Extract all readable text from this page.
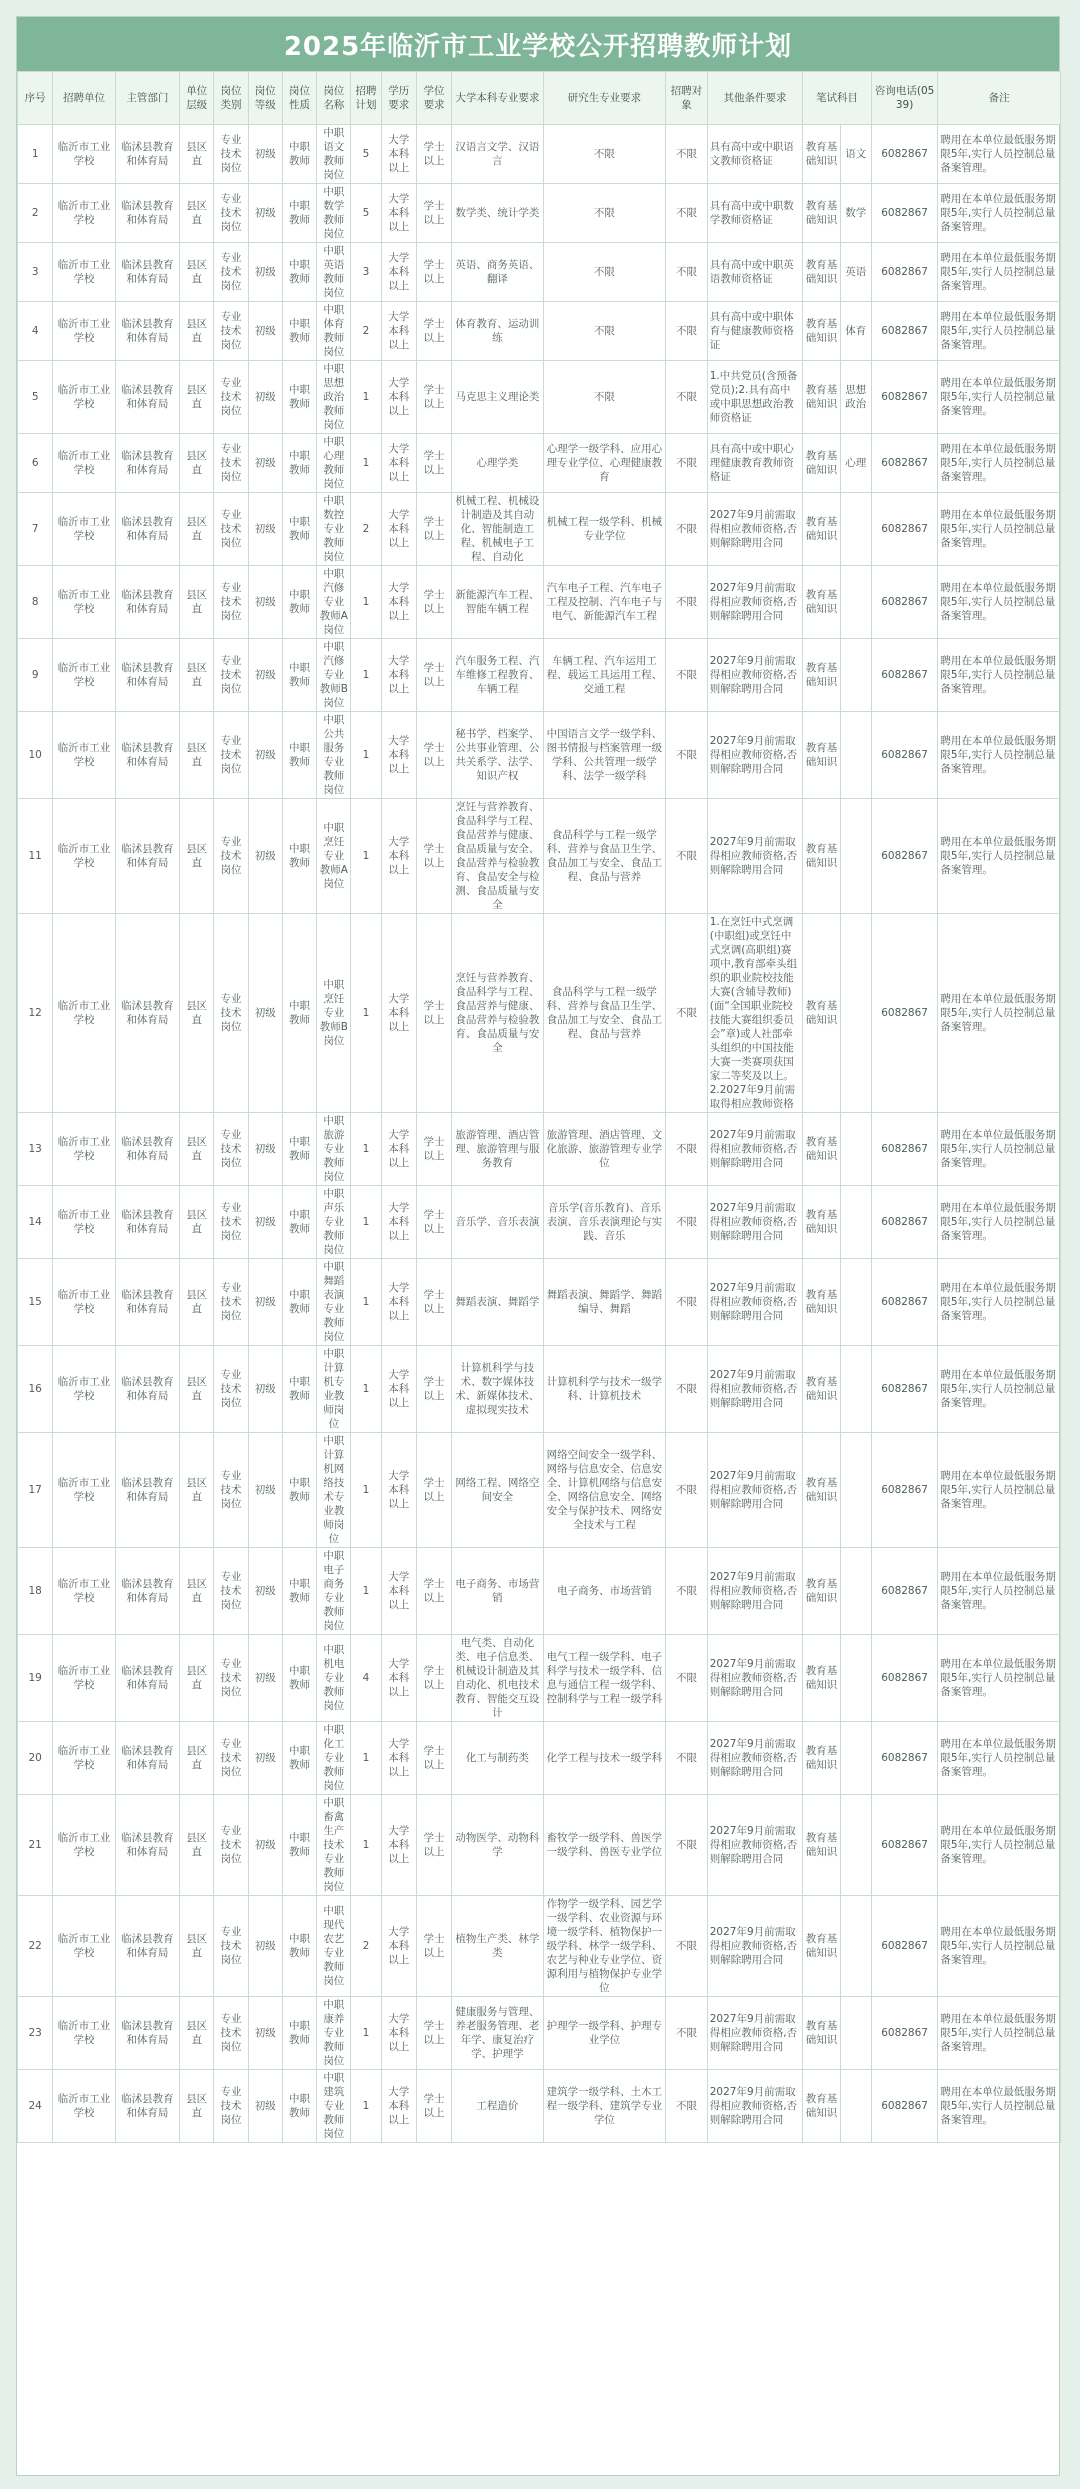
2025年临沂市工业学校公开招聘教师计划
序号	招聘单位	主管部门	单位层级	岗位类别	岗位等级	岗位性质	岗位名称	招聘计划	学历要求	学位要求	大学本科专业要求	研究生专业要求	招聘对象	其他条件要求	笔试科目		咨询电话(0539)	备注
1	临沂市工业学校	临沭县教育和体育局	县区直	专业技术岗位	初级	中职教师	中职语文教师岗位	5	大学本科以上	学士以上	汉语言文学、汉语言	不限	不限	具有高中或中职语文教师资格证	教育基础知识	语文	6082867	聘用在本单位最低服务期限5年,实行人员控制总量备案管理。
2	临沂市工业学校	临沭县教育和体育局	县区直	专业技术岗位	初级	中职教师	中职数学教师岗位	5	大学本科以上	学士以上	数学类、统计学类	不限	不限	具有高中或中职数学教师资格证	教育基础知识	数学	6082867	聘用在本单位最低服务期限5年,实行人员控制总量备案管理。
3	临沂市工业学校	临沭县教育和体育局	县区直	专业技术岗位	初级	中职教师	中职英语教师岗位	3	大学本科以上	学士以上	英语、商务英语、翻译	不限	不限	具有高中或中职英语教师资格证	教育基础知识	英语	6082867	聘用在本单位最低服务期限5年,实行人员控制总量备案管理。
4	临沂市工业学校	临沭县教育和体育局	县区直	专业技术岗位	初级	中职教师	中职体育教师岗位	2	大学本科以上	学士以上	体育教育、运动训练	不限	不限	具有高中或中职体育与健康教师资格证	教育基础知识	体育	6082867	聘用在本单位最低服务期限5年,实行人员控制总量备案管理。
5	临沂市工业学校	临沭县教育和体育局	县区直	专业技术岗位	初级	中职教师	中职思想政治教师岗位	1	大学本科以上	学士以上	马克思主义理论类	不限	不限	1.中共党员(含预备党员);2.具有高中或中职思想政治教师资格证	教育基础知识	思想政治	6082867	聘用在本单位最低服务期限5年,实行人员控制总量备案管理。
6	临沂市工业学校	临沭县教育和体育局	县区直	专业技术岗位	初级	中职教师	中职心理教师岗位	1	大学本科以上	学士以上	心理学类	心理学一级学科、应用心理专业学位、心理健康教育	不限	具有高中或中职心理健康教育教师资格证	教育基础知识	心理	6082867	聘用在本单位最低服务期限5年,实行人员控制总量备案管理。
7	临沂市工业学校	临沭县教育和体育局	县区直	专业技术岗位	初级	中职教师	中职数控专业教师岗位	2	大学本科以上	学士以上	机械工程、机械设计制造及其自动化、智能制造工程、机械电子工程、自动化	机械工程一级学科、机械专业学位	不限	2027年9月前需取得相应教师资格,否则解除聘用合同	教育基础知识		6082867	聘用在本单位最低服务期限5年,实行人员控制总量备案管理。
8	临沂市工业学校	临沭县教育和体育局	县区直	专业技术岗位	初级	中职教师	中职汽修专业教师A岗位	1	大学本科以上	学士以上	新能源汽车工程、智能车辆工程	汽车电子工程、汽车电子工程及控制、汽车电子与电气、新能源汽车工程	不限	2027年9月前需取得相应教师资格,否则解除聘用合同	教育基础知识		6082867	聘用在本单位最低服务期限5年,实行人员控制总量备案管理。
9	临沂市工业学校	临沭县教育和体育局	县区直	专业技术岗位	初级	中职教师	中职汽修专业教师B岗位	1	大学本科以上	学士以上	汽车服务工程、汽车维修工程教育、车辆工程	车辆工程、汽车运用工程、载运工具运用工程、交通工程	不限	2027年9月前需取得相应教师资格,否则解除聘用合同	教育基础知识		6082867	聘用在本单位最低服务期限5年,实行人员控制总量备案管理。
10	临沂市工业学校	临沭县教育和体育局	县区直	专业技术岗位	初级	中职教师	中职公共服务专业教师岗位	1	大学本科以上	学士以上	秘书学、档案学、公共事业管理、公共关系学、法学、知识产权	中国语言文学一级学科、图书情报与档案管理一级学科、公共管理一级学科、法学一级学科	不限	2027年9月前需取得相应教师资格,否则解除聘用合同	教育基础知识		6082867	聘用在本单位最低服务期限5年,实行人员控制总量备案管理。
11	临沂市工业学校	临沭县教育和体育局	县区直	专业技术岗位	初级	中职教师	中职烹饪专业教师A岗位	1	大学本科以上	学士以上	烹饪与营养教育、食品科学与工程、食品营养与健康、食品质量与安全、食品营养与检验教育、食品安全与检测、食品质量与安全	食品科学与工程一级学科、营养与食品卫生学、食品加工与安全、食品工程、食品与营养	不限	2027年9月前需取得相应教师资格,否则解除聘用合同	教育基础知识		6082867	聘用在本单位最低服务期限5年,实行人员控制总量备案管理。
12	临沂市工业学校	临沭县教育和体育局	县区直	专业技术岗位	初级	中职教师	中职烹饪专业教师B岗位	1	大学本科以上	学士以上	烹饪与营养教育、食品科学与工程、食品营养与健康、食品营养与检验教育、食品质量与安全	食品科学与工程一级学科、营养与食品卫生学、食品加工与安全、食品工程、食品与营养	不限	1.在烹饪中式烹调(中职组)或烹饪中式烹调(高职组)赛项中,教育部牵头组织的职业院校技能大赛(含辅导教师)(面“全国职业院校技能大赛组织委员会”章)或人社部牵头组织的中国技能大赛一类赛项获国家二等奖及以上。2.2027年9月前需取得相应教师资格	教育基础知识		6082867	聘用在本单位最低服务期限5年,实行人员控制总量备案管理。
13	临沂市工业学校	临沭县教育和体育局	县区直	专业技术岗位	初级	中职教师	中职旅游专业教师岗位	1	大学本科以上	学士以上	旅游管理、酒店管理、旅游管理与服务教育	旅游管理、酒店管理、文化旅游、旅游管理专业学位	不限	2027年9月前需取得相应教师资格,否则解除聘用合同	教育基础知识		6082867	聘用在本单位最低服务期限5年,实行人员控制总量备案管理。
14	临沂市工业学校	临沭县教育和体育局	县区直	专业技术岗位	初级	中职教师	中职声乐专业教师岗位	1	大学本科以上	学士以上	音乐学、音乐表演	音乐学(音乐教育)、音乐表演、音乐表演理论与实践、音乐	不限	2027年9月前需取得相应教师资格,否则解除聘用合同	教育基础知识		6082867	聘用在本单位最低服务期限5年,实行人员控制总量备案管理。
15	临沂市工业学校	临沭县教育和体育局	县区直	专业技术岗位	初级	中职教师	中职舞蹈表演专业教师岗位	1	大学本科以上	学士以上	舞蹈表演、舞蹈学	舞蹈表演、舞蹈学、舞蹈编导、舞蹈	不限	2027年9月前需取得相应教师资格,否则解除聘用合同	教育基础知识		6082867	聘用在本单位最低服务期限5年,实行人员控制总量备案管理。
16	临沂市工业学校	临沭县教育和体育局	县区直	专业技术岗位	初级	中职教师	中职计算机专业教师岗位	1	大学本科以上	学士以上	计算机科学与技术、数字媒体技术、新媒体技术、虚拟现实技术	计算机科学与技术一级学科、计算机技术	不限	2027年9月前需取得相应教师资格,否则解除聘用合同	教育基础知识		6082867	聘用在本单位最低服务期限5年,实行人员控制总量备案管理。
17	临沂市工业学校	临沭县教育和体育局	县区直	专业技术岗位	初级	中职教师	中职计算机网络技术专业教师岗位	1	大学本科以上	学士以上	网络工程、网络空间安全	网络空间安全一级学科、网络与信息安全、信息安全、计算机网络与信息安全、网络信息安全、网络安全与保护技术、网络安全技术与工程	不限	2027年9月前需取得相应教师资格,否则解除聘用合同	教育基础知识		6082867	聘用在本单位最低服务期限5年,实行人员控制总量备案管理。
18	临沂市工业学校	临沭县教育和体育局	县区直	专业技术岗位	初级	中职教师	中职电子商务专业教师岗位	1	大学本科以上	学士以上	电子商务、市场营销	电子商务、市场营销	不限	2027年9月前需取得相应教师资格,否则解除聘用合同	教育基础知识		6082867	聘用在本单位最低服务期限5年,实行人员控制总量备案管理。
19	临沂市工业学校	临沭县教育和体育局	县区直	专业技术岗位	初级	中职教师	中职机电专业教师岗位	4	大学本科以上	学士以上	电气类、自动化类、电子信息类、机械设计制造及其自动化、机电技术教育、智能交互设计	电气工程一级学科、电子科学与技术一级学科、信息与通信工程一级学科、控制科学与工程一级学科	不限	2027年9月前需取得相应教师资格,否则解除聘用合同	教育基础知识		6082867	聘用在本单位最低服务期限5年,实行人员控制总量备案管理。
20	临沂市工业学校	临沭县教育和体育局	县区直	专业技术岗位	初级	中职教师	中职化工专业教师岗位	1	大学本科以上	学士以上	化工与制药类	化学工程与技术一级学科	不限	2027年9月前需取得相应教师资格,否则解除聘用合同	教育基础知识		6082867	聘用在本单位最低服务期限5年,实行人员控制总量备案管理。
21	临沂市工业学校	临沭县教育和体育局	县区直	专业技术岗位	初级	中职教师	中职畜禽生产技术专业教师岗位	1	大学本科以上	学士以上	动物医学、动物科学	畜牧学一级学科、兽医学一级学科、兽医专业学位	不限	2027年9月前需取得相应教师资格,否则解除聘用合同	教育基础知识		6082867	聘用在本单位最低服务期限5年,实行人员控制总量备案管理。
22	临沂市工业学校	临沭县教育和体育局	县区直	专业技术岗位	初级	中职教师	中职现代农艺专业教师岗位	2	大学本科以上	学士以上	植物生产类、林学类	作物学一级学科、园艺学一级学科、农业资源与环境一级学科、植物保护一级学科、林学一级学科、农艺与种业专业学位、资源利用与植物保护专业学位	不限	2027年9月前需取得相应教师资格,否则解除聘用合同	教育基础知识		6082867	聘用在本单位最低服务期限5年,实行人员控制总量备案管理。
23	临沂市工业学校	临沭县教育和体育局	县区直	专业技术岗位	初级	中职教师	中职康养专业教师岗位	1	大学本科以上	学士以上	健康服务与管理、养老服务管理、老年学、康复治疗学、护理学	护理学一级学科、护理专业学位	不限	2027年9月前需取得相应教师资格,否则解除聘用合同	教育基础知识		6082867	聘用在本单位最低服务期限5年,实行人员控制总量备案管理。
24	临沂市工业学校	临沭县教育和体育局	县区直	专业技术岗位	初级	中职教师	中职建筑专业教师岗位	1	大学本科以上	学士以上	工程造价	建筑学一级学科、土木工程一级学科、建筑学专业学位	不限	2027年9月前需取得相应教师资格,否则解除聘用合同	教育基础知识		6082867	聘用在本单位最低服务期限5年,实行人员控制总量备案管理。
